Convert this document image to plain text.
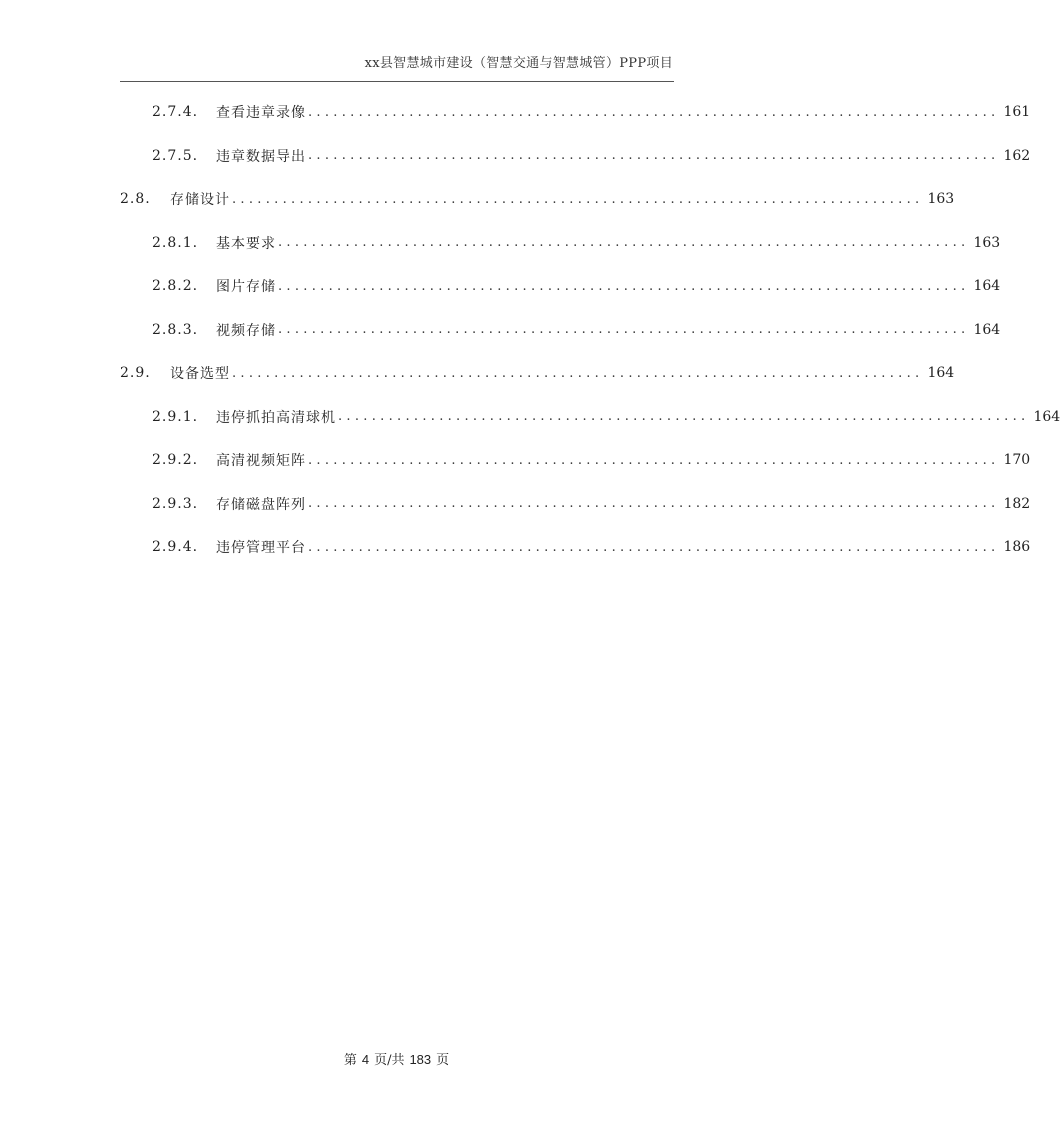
xx县智慧城市建设（智慧交通与智慧城管）PPP项目
2.7.4.	查看违章录像 .................................................................................. 161
2.7.5.	违章数据导出 .................................................................................. 162
2.8.	存储设计 .................................................................................. 163
2.8.1.	基本要求 .................................................................................. 163
2.8.2.	图片存储 .................................................................................. 164
2.8.3.	视频存储 .................................................................................. 164
2.9.	设备选型 .................................................................................. 164
2.9.1.	违停抓拍高清球机 .................................................................................. 164
2.9.2.	高清视频矩阵 .................................................................................. 170
2.9.3.	存储磁盘阵列 .................................................................................. 182
2.9.4.	违停管理平台 .................................................................................. 186
第 4 页/共 183 页
